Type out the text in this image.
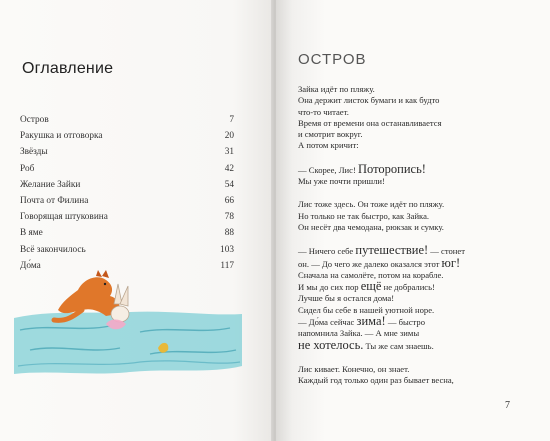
Оглавление
Остров	7
Ракушка и отговорка	20
Звёзды	31
Роб	42
Желание Зайки	54
Почта от Филина	66
Говорящая штуковина	78
В яме	88
Всё закончилось	103
До́ма	117
ОСТРОВ

Зайка идёт по пляжу.

Она держит листок бумаги и как будто

что-то читает.

Время от времени она останавливается

и смотрит вокруг.

А потом кричит:

— Скорее, Лис! Поторопись!

Мы уже почти пришли!

Лис тоже здесь. Он тоже идёт по пляжу.

Но только не так быстро, как Зайка.

Он несёт два чемодана, рюкзак и сумку.

— Ничего себе путешествие! — стонет

он. — До чего же далеко оказался этот юг!

Сначала на самолёте, потом на корабле.

И мы до сих пор ещё не добрались!

Лучше бы я остался дома!

Сидел бы себе в нашей уютной норе.

— До́ма сейчас зима! — быстро

напомнила Зайка. — А мне зимы

не хотелось. Ты же сам знаешь.

Лис кивает. Конечно, он знает.

Каждый год только один раз бывает весна,

7
